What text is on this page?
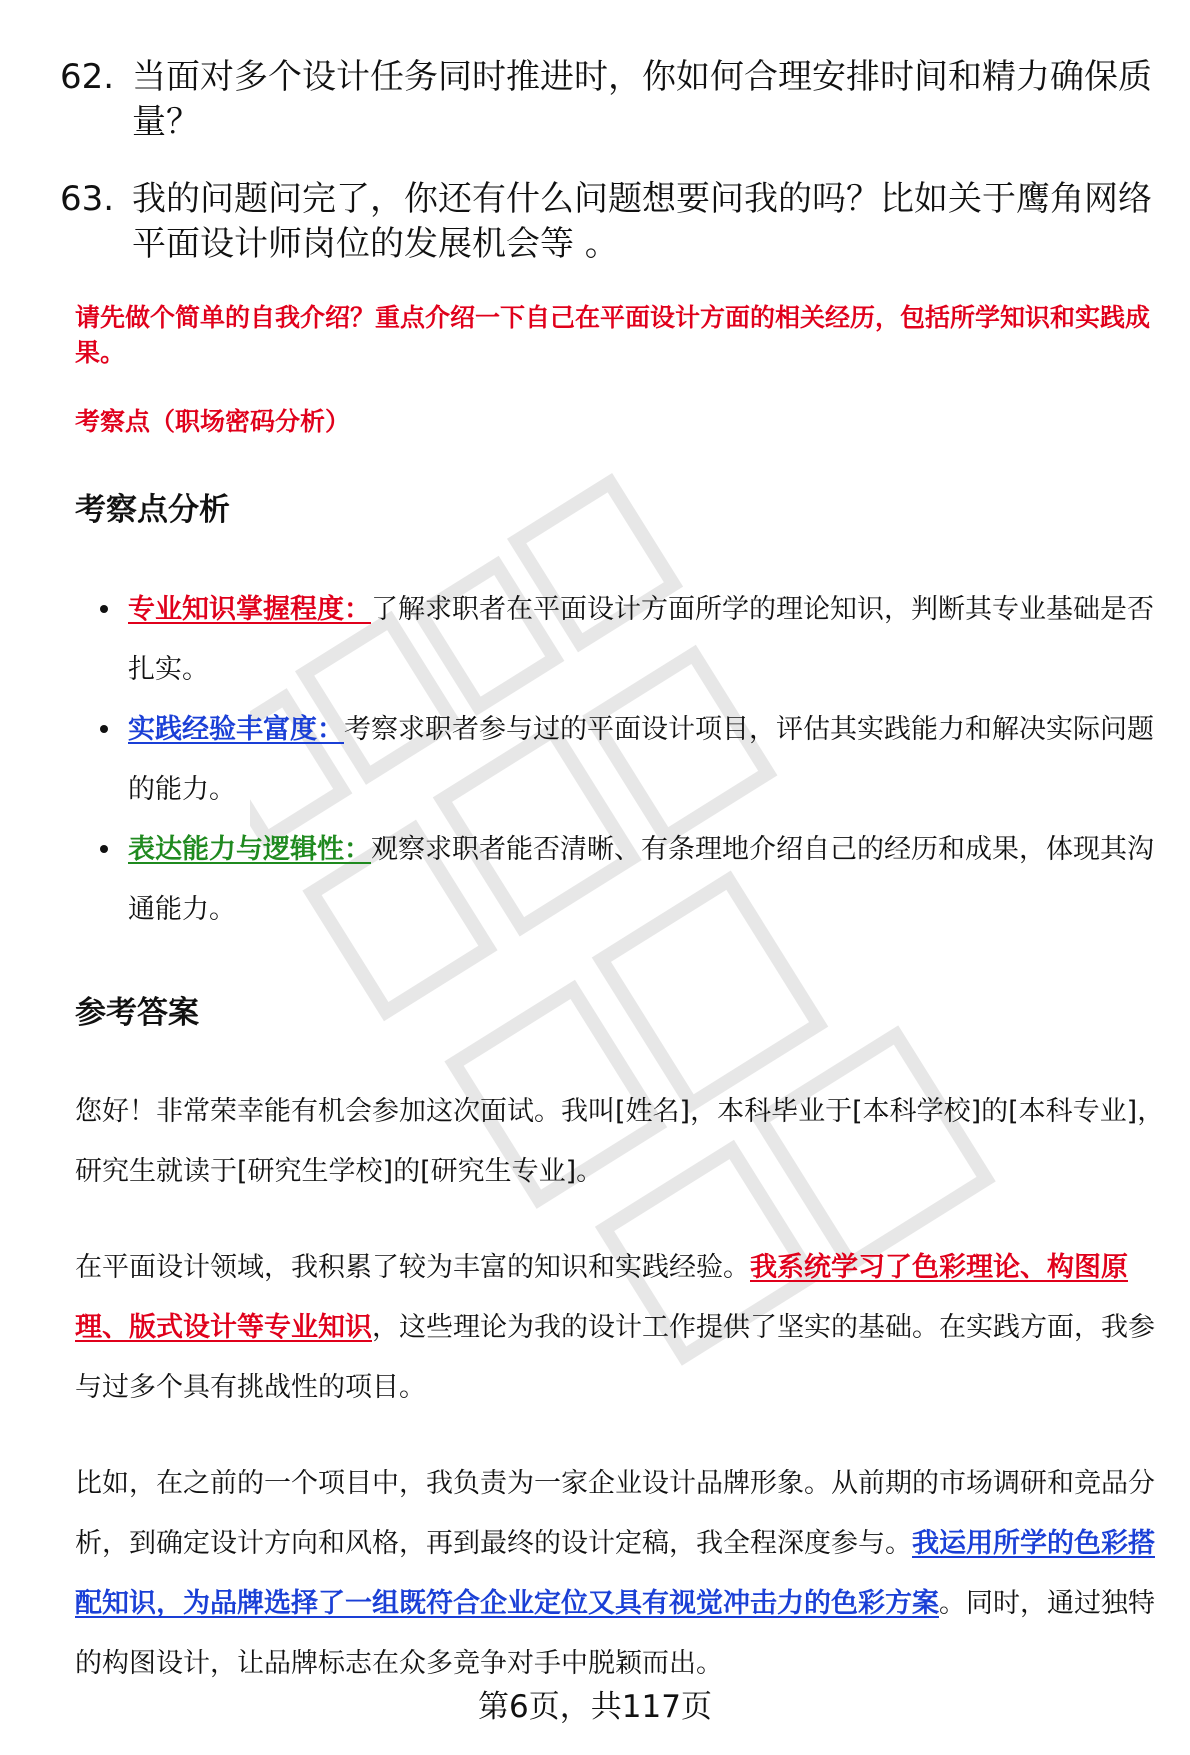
62. 当面对多个设计任务同时推进时，你如何合理安排时间和精力确保质量？
63. 我的问题问完了，你还有什么问题想要问我的吗？比如关于鹰角网络平面设计师岗位的发展机会等 。
请先做个简单的自我介绍？重点介绍一下自己在平面设计方面的相关经历，包括所学知识和实践成果。
考察点（职场密码分析）
考察点分析
专业知识掌握程度：了解求职者在平面设计方面所学的理论知识，判断其专业基础是否扎实。
实践经验丰富度：考察求职者参与过的平面设计项目，评估其实践能力和解决实际问题的能力。
表达能力与逻辑性：观察求职者能否清晰、有条理地介绍自己的经历和成果，体现其沟通能力。
参考答案

您好！非常荣幸能有机会参加这次面试。我叫[姓名]，本科毕业于[本科学校]的[本科专业]，研究生就读于[研究生学校]的[研究生专业]。

在平面设计领域，我积累了较为丰富的知识和实践经验。我系统学习了色彩理论、构图原理、版式设计等专业知识，这些理论为我的设计工作提供了坚实的基础。在实践方面，我参与过多个具有挑战性的项目。

比如，在之前的一个项目中，我负责为一家企业设计品牌形象。从前期的市场调研和竞品分析，到确定设计方向和风格，再到最终的设计定稿，我全程深度参与。我运用所学的色彩搭配知识，为品牌选择了一组既符合企业定位又具有视觉冲击力的色彩方案。同时，通过独特的构图设计，让品牌标志在众多竞争对手中脱颖而出。

第6页，共117页
